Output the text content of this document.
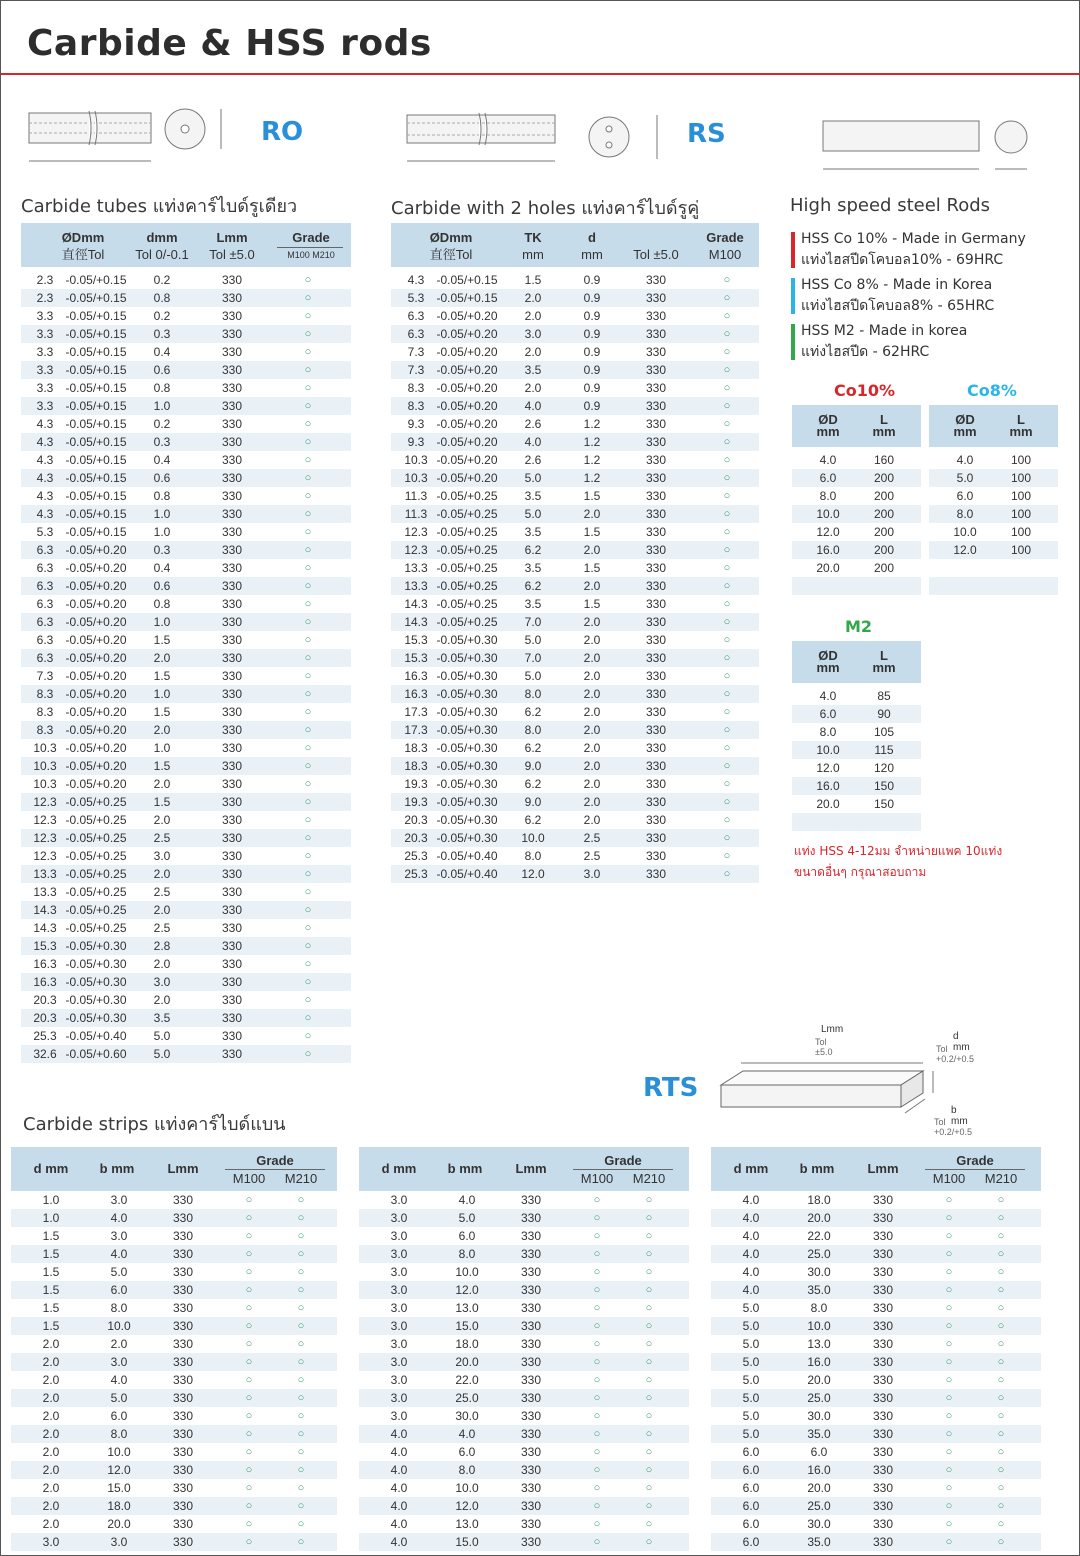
Carbide & HSS rods
RO
Carbide tubes แท่งคาร์ไบด์รูเดียว
RS
Carbide with 2 holes แท่งคาร์ไบด์รูคู่	High speed steel Rods
HSS Co 10% - Made in Germany
แท่งไฮสปีดโคบอล10% - 69HRC
HSS Co 8% - Made in Korea
แท่งไฮสปีดโคบอล8% - 65HRC
HSS M2 - Made in korea
แท่งไฮสปีด - 62HRC
ØDmm
直徑Tol
dmm
Tol 0/-0.1
Lmm
Tol ±5.0
Grade
M100 M210
2.3	-0.05/+0.15	0.2	330	○
2.3	-0.05/+0.15	0.8	330	○
3.3	-0.05/+0.15	0.2	330	○
3.3	-0.05/+0.15	0.3	330	○
3.3	-0.05/+0.15	0.4	330	○
3.3	-0.05/+0.15	0.6	330	○
3.3	-0.05/+0.15	0.8	330	○
3.3	-0.05/+0.15	1.0	330	○
4.3	-0.05/+0.15	0.2	330	○
4.3	-0.05/+0.15	0.3	330	○
4.3	-0.05/+0.15	0.4	330	○
4.3	-0.05/+0.15	0.6	330	○
4.3	-0.05/+0.15	0.8	330	○
4.3	-0.05/+0.15	1.0	330	○
5.3	-0.05/+0.15	1.0	330	○
6.3	-0.05/+0.20	0.3	330	○
6.3	-0.05/+0.20	0.4	330	○
6.3	-0.05/+0.20	0.6	330	○
6.3	-0.05/+0.20	0.8	330	○
6.3	-0.05/+0.20	1.0	330	○
6.3	-0.05/+0.20	1.5	330	○
6.3	-0.05/+0.20	2.0	330	○
7.3	-0.05/+0.20	1.5	330	○
8.3	-0.05/+0.20	1.0	330	○
8.3	-0.05/+0.20	1.5	330	○
8.3	-0.05/+0.20	2.0	330	○
10.3 -0.05/+0.20	1.0	330	○
10.3 -0.05/+0.20	1.5	330	○
10.3 -0.05/+0.20	2.0	330	○
12.3 -0.05/+0.25	1.5	330	○
12.3 -0.05/+0.25	2.0	330	○
12.3 -0.05/+0.25	2.5	330	○
12.3 -0.05/+0.25	3.0	330	○
13.3 -0.05/+0.25	2.0	330	○
13.3 -0.05/+0.25	2.5	330	○
14.3 -0.05/+0.25	2.0	330	○
14.3 -0.05/+0.25	2.5	330	○
15.3 -0.05/+0.30	2.8	330	○
16.3 -0.05/+0.30	2.0	330	○
16.3 -0.05/+0.30	3.0	330	○
20.3 -0.05/+0.30	2.0	330	○
20.3 -0.05/+0.30	3.5	330	○
25.3 -0.05/+0.40	5.0	330	○
32.6 -0.05/+0.60	5.0	330	○
ØDmm
直徑Tol
TK
mm
d
mm	Tol ±5.0
Grade
M100
4.3	-0.05/+0.15	1.5	0.9	330	○
5.3	-0.05/+0.15	2.0	0.9	330	○
6.3	-0.05/+0.20	2.0	0.9	330	○
6.3	-0.05/+0.20	3.0	0.9	330	○
7.3	-0.05/+0.20	2.0	0.9	330	○
7.3	-0.05/+0.20	3.5	0.9	330	○
8.3	-0.05/+0.20	2.0	0.9	330	○
8.3	-0.05/+0.20	4.0	0.9	330	○
9.3	-0.05/+0.20	2.6	1.2	330	○
9.3	-0.05/+0.20	4.0	1.2	330	○
10.3 -0.05/+0.20	2.6	1.2	330	○
10.3 -0.05/+0.20	5.0	1.2	330	○
11.3 -0.05/+0.25	3.5	1.5	330	○
11.3 -0.05/+0.25	5.0	2.0	330	○
12.3 -0.05/+0.25	3.5	1.5	330	○
12.3 -0.05/+0.25	6.2	2.0	330	○
13.3 -0.05/+0.25	3.5	1.5	330	○
13.3 -0.05/+0.25	6.2	2.0	330	○
14.3 -0.05/+0.25	3.5	1.5	330	○
14.3 -0.05/+0.25	7.0	2.0	330	○
15.3 -0.05/+0.30	5.0	2.0	330	○
15.3 -0.05/+0.30	7.0	2.0	330	○
16.3 -0.05/+0.30	5.0	2.0	330	○
16.3 -0.05/+0.30	8.0	2.0	330	○
17.3 -0.05/+0.30	6.2	2.0	330	○
17.3 -0.05/+0.30	8.0	2.0	330	○
18.3 -0.05/+0.30	6.2	2.0	330	○
18.3 -0.05/+0.30	9.0	2.0	330	○
19.3 -0.05/+0.30	6.2	2.0	330	○
19.3 -0.05/+0.30	9.0	2.0	330	○
20.3 -0.05/+0.30	6.2	2.0	330	○
20.3 -0.05/+0.30	10.0	2.5	330	○
25.3 -0.05/+0.40	8.0	2.5	330	○
25.3 -0.05/+0.40	12.0	3.0	330	○
Co10%	Co8%
ØD
mm
L
mm
4.0	160
6.0	200
8.0	200
10.0	200
12.0	200
16.0	200
20.0	200
ØD
mm
L
mm
4.0	100
5.0	100
6.0	100
8.0	100
10.0	100
12.0	100
M2
ØD
mm
L
mm
4.0	85
6.0	90
8.0	105
10.0	115
12.0	120
16.0	150
20.0	150
แท่ง HSS 4-12มม จำหน่ายแพค 10แท่ง
ขนาดอื่นๆ กรุณาสอบถาม
RTS
Lmm
Tol ±5.0
d mm
Tol +0.2/+0.5
b mm
Tol +0.2/+0.5
Carbide strips แท่งคาร์ไบด์แบน
d mm	b mm	Lmm
Grade
M100	M210
1.0	3.0	330	○	○
1.0	4.0	330	○	○
1.5	3.0	330	○	○
1.5	4.0	330	○	○
1.5	5.0	330	○	○
1.5	6.0	330	○	○
1.5	8.0	330	○	○
1.5	10.0	330	○	○
2.0	2.0	330	○	○
2.0	3.0	330	○	○
2.0	4.0	330	○	○
2.0	5.0	330	○	○
2.0	6.0	330	○	○
2.0	8.0	330	○	○
2.0	10.0	330	○	○
2.0	12.0	330	○	○
2.0	15.0	330	○	○
2.0	18.0	330	○	○
2.0	20.0	330	○	○
3.0	3.0	330	○	○
d mm	b mm	Lmm
Grade
M100	M210
3.0	4.0	330	○	○
3.0	5.0	330	○	○
3.0	6.0	330	○	○
3.0	8.0	330	○	○
3.0	10.0	330	○	○
3.0	12.0	330	○	○
3.0	13.0	330	○	○
3.0	15.0	330	○	○
3.0	18.0	330	○	○
3.0	20.0	330	○	○
3.0	22.0	330	○	○
3.0	25.0	330	○	○
3.0	30.0	330	○	○
4.0	4.0	330	○	○
4.0	6.0	330	○	○
4.0	8.0	330	○	○
4.0	10.0	330	○	○
4.0	12.0	330	○	○
4.0	13.0	330	○	○
4.0	15.0	330	○	○
d mm	b mm	Lmm
Grade
M100	M210
4.0	18.0	330	○	○
4.0	20.0	330	○	○
4.0	22.0	330	○	○
4.0	25.0	330	○	○
4.0	30.0	330	○	○
4.0	35.0	330	○	○
5.0	8.0	330	○	○
5.0	10.0	330	○	○
5.0	13.0	330	○	○
5.0	16.0	330	○	○
5.0	20.0	330	○	○
5.0	25.0	330	○	○
5.0	30.0	330	○	○
5.0	35.0	330	○	○
6.0	6.0	330	○	○
6.0	16.0	330	○	○
6.0	20.0	330	○	○
6.0	25.0	330	○	○
6.0	30.0	330	○	○
6.0	35.0	330	○	○
